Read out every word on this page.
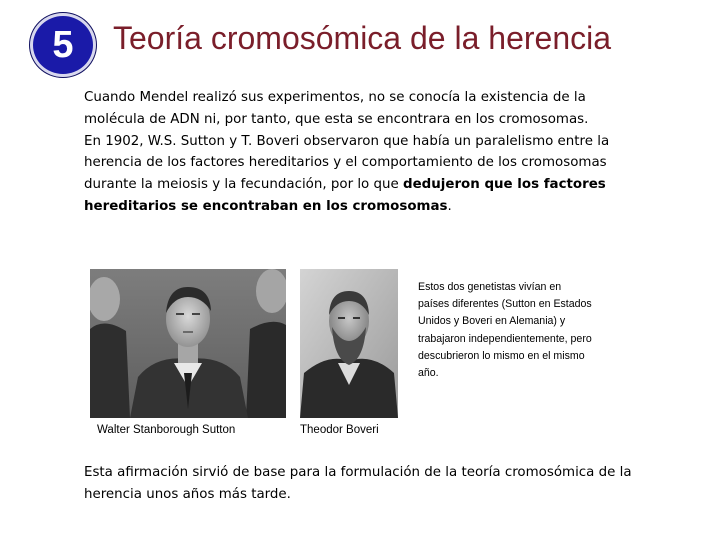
5 Teoría cromosómica de la herencia

Cuando Mendel realizó sus experimentos, no se conocía la existencia de la molécula de ADN ni, por tanto, que esta se encontrara en los cromosomas.

En 1902, W.S. Sutton y T. Boveri observaron que había un paralelismo entre la herencia de los factores hereditarios y el comportamiento de los cromosomas durante la meiosis y la fecundación, por lo que dedujeron que los factores hereditarios se encontraban en los cromosomas.

Walter Stanborough Sutton	Theodor Boveri
Estos dos genetistas vivían en países diferentes (Sutton en Estados Unidos y Boveri en Alemania) y trabajaron independientemente, pero descubrieron lo mismo en el mismo año.
Esta afirmación sirvió de base para la formulación de la teoría cromosómica de la herencia unos años más tarde.
